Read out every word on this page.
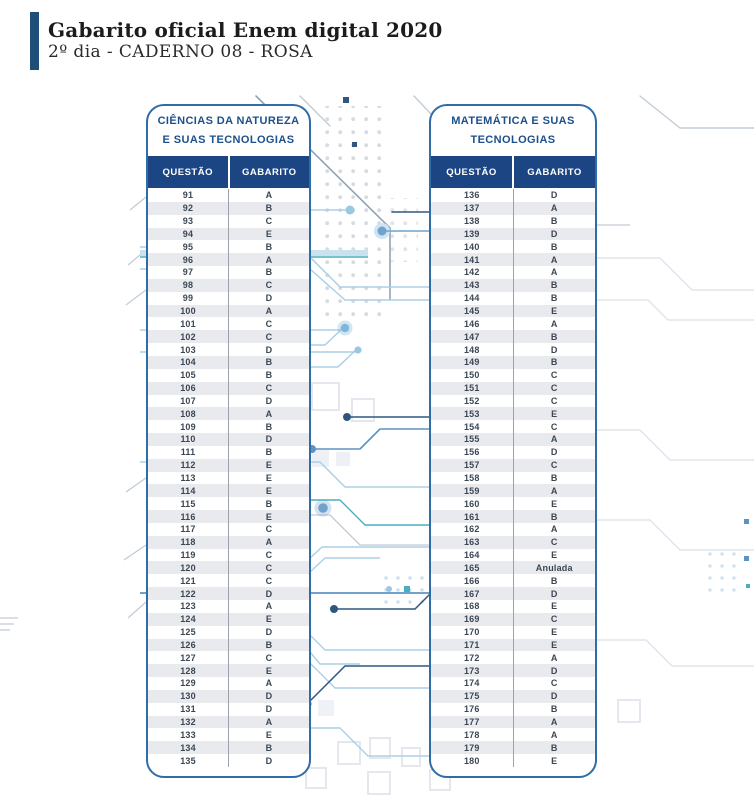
Gabarito oficial Enem digital 2020
2º dia - CADERNO 08 - ROSA
CIÊNCIAS DA NATUREZA
E SUAS TECNOLOGIAS
QUESTÃO	GABARITO
91	A
92	B
93	C
94	E
95	B
96	A
97	B
98	C
99	D
100	A
101	C
102	C
103	D
104	B
105	B
106	C
107	D
108	A
109	B
110	D
111	B
112	E
113	E
114	E
115	B
116	E
117	C
118	A
119	C
120	C
121	C
122	D
123	A
124	E
125	D
126	B
127	C
128	E
129	A
130	D
131	D
132	A
133	E
134	B
135	D
MATEMÁTICA E SUAS
TECNOLOGIAS
QUESTÃO	GABARITO
136	D
137	A
138	B
139	D
140	B
141	A
142	A
143	B
144	B
145	E
146	A
147	B
148	D
149	B
150	C
151	C
152	C
153	E
154	C
155	A
156	D
157	C
158	B
159	A
160	E
161	B
162	A
163	C
164	E
165	Anulada
166	B
167	D
168	E
169	C
170	E
171	E
172	A
173	D
174	C
175	D
176	B
177	A
178	A
179	B
180	E
